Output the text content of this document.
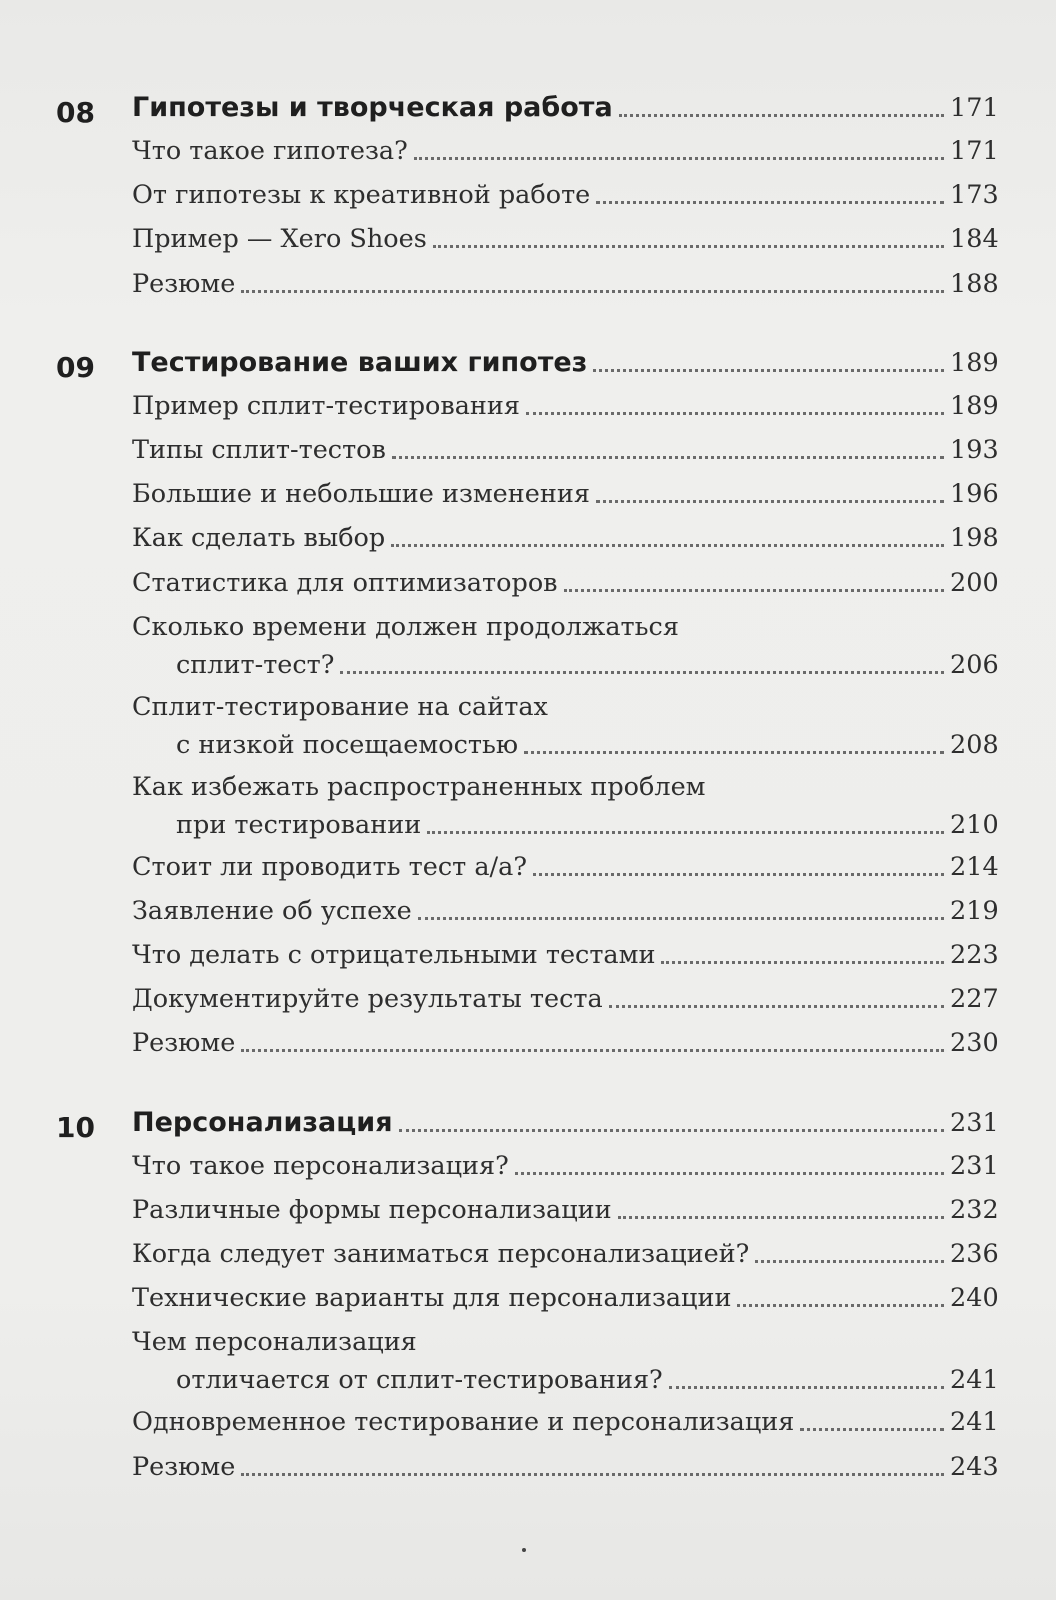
08 Гипотезы и творческая работа	171
Что такое гипотеза?	171
От гипотезы к креативной работе	173
Пример — Xero Shoes	184
Резюме	188
09 Тестирование ваших гипотез	189
Пример сплит-тестирования	189
Типы сплит-тестов	193
Большие и небольшие изменения	196
Как сделать выбор	198
Статистика для оптимизаторов	200
Сколько времени должен продолжаться
сплит-тест?	206
Сплит-тестирование на сайтах
с низкой посещаемостью	208
Как избежать распространенных проблем
при тестировании	210
Стоит ли проводить тест а/а?	214
Заявление об успехе	219
Что делать с отрицательными тестами	223
Документируйте результаты теста	227
Резюме	230
10 Персонализация	231
Что такое персонализация?	231
Различные формы персонализации	232
Когда следует заниматься персонализацией?	236
Технические варианты для персонализации	240
Чем персонализация
отличается от сплит-тестирования?	241
Одновременное тестирование и персонализация	241
Резюме	243
